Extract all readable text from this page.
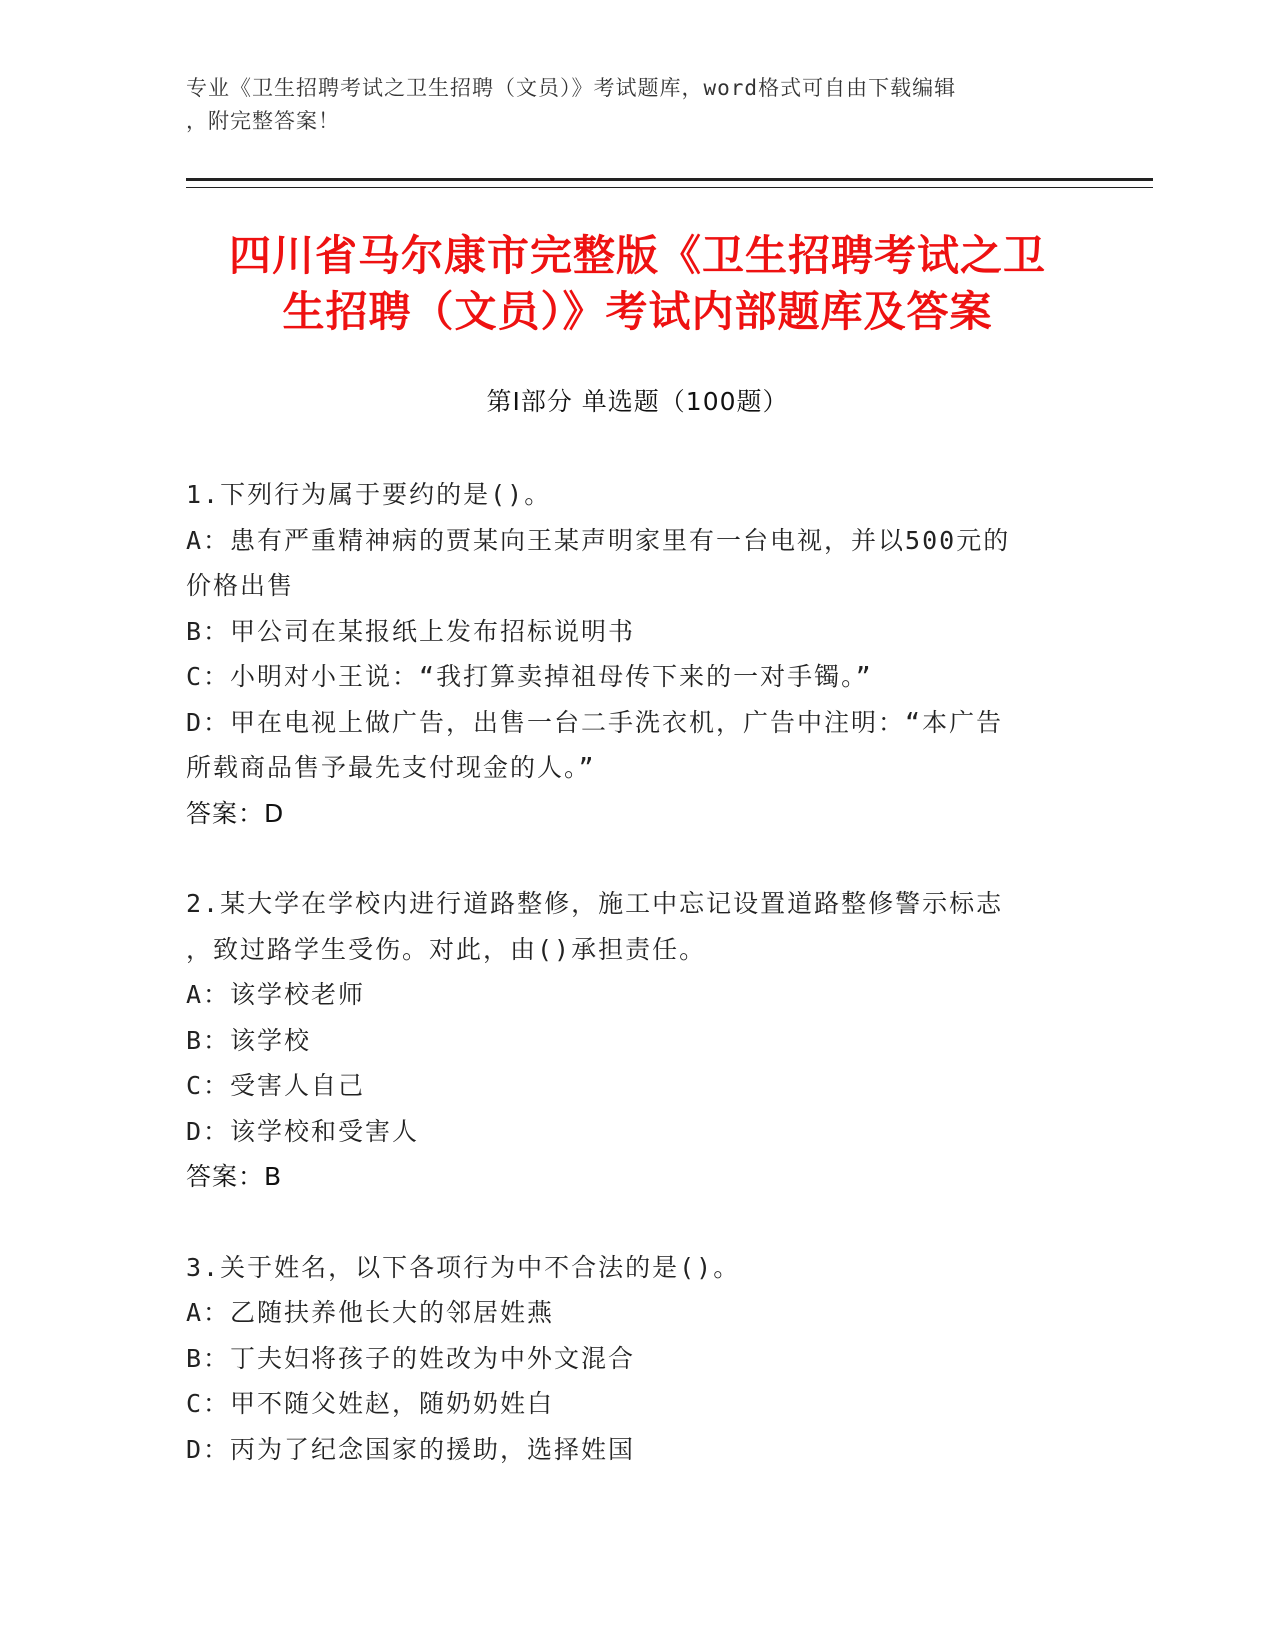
专业《卫生招聘考试之卫生招聘（文员）》考试题库，word格式可自由下载编辑
，附完整答案！
四川省马尔康市完整版《卫生招聘考试之卫
生招聘（文员）》考试内部题库及答案
第Ⅰ部分 单选题（100题）
1.下列行为属于要约的是()。
A：患有严重精神病的贾某向王某声明家里有一台电视，并以500元的
价格出售
B：甲公司在某报纸上发布招标说明书
C：小明对小王说：“我打算卖掉祖母传下来的一对手镯。”
D：甲在电视上做广告，出售一台二手洗衣机，广告中注明：“本广告
所载商品售予最先支付现金的人。”
答案：D
2.某大学在学校内进行道路整修，施工中忘记设置道路整修警示标志
，致过路学生受伤。对此，由()承担责任。
A：该学校老师
B：该学校
C：受害人自己
D：该学校和受害人
答案：B
3.关于姓名，以下各项行为中不合法的是()。
A：乙随扶养他长大的邻居姓燕
B：丁夫妇将孩子的姓改为中外文混合
C：甲不随父姓赵，随奶奶姓白
D：丙为了纪念国家的援助，选择姓国
